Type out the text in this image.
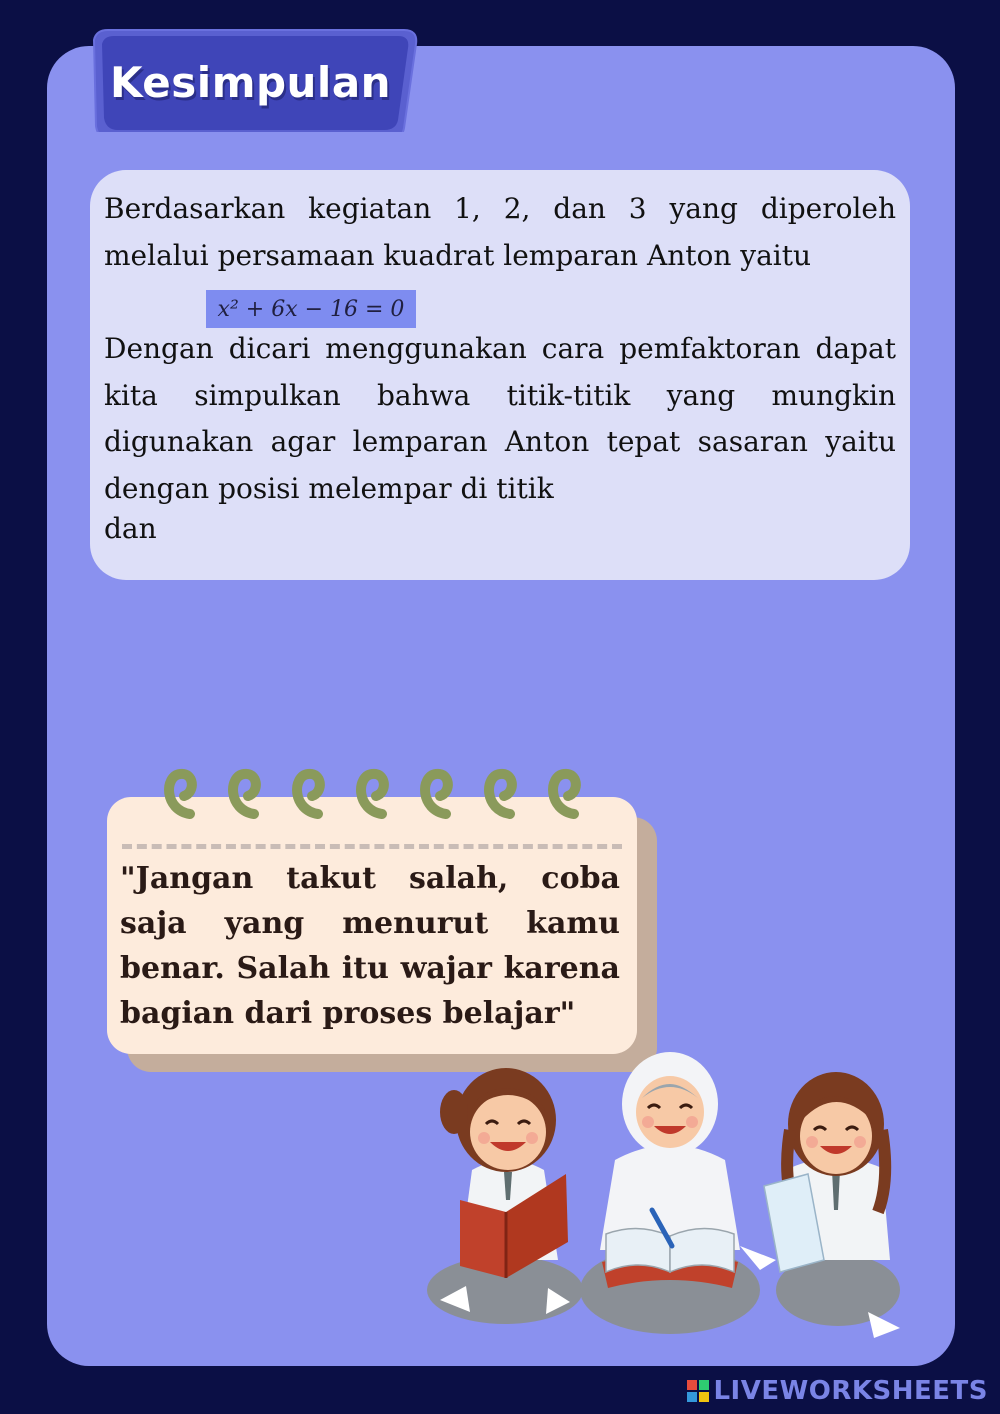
Kesimpulan
Berdasarkan kegiatan 1, 2, dan 3 yang diperoleh melalui persamaan kuadrat lemparan Anton yaitu
x² + 6x − 16 = 0
Dengan dicari menggunakan cara pemfaktoran dapat kita simpulkan bahwa titik-titik yang mungkin digunakan agar lemparan Anton tepat sasaran yaitu dengan posisi melempar di titik
dan
"Jangan takut salah, coba saja yang menurut kamu benar. Salah itu wajar karena bagian dari proses belajar"
LIVEWORKSHEETS
